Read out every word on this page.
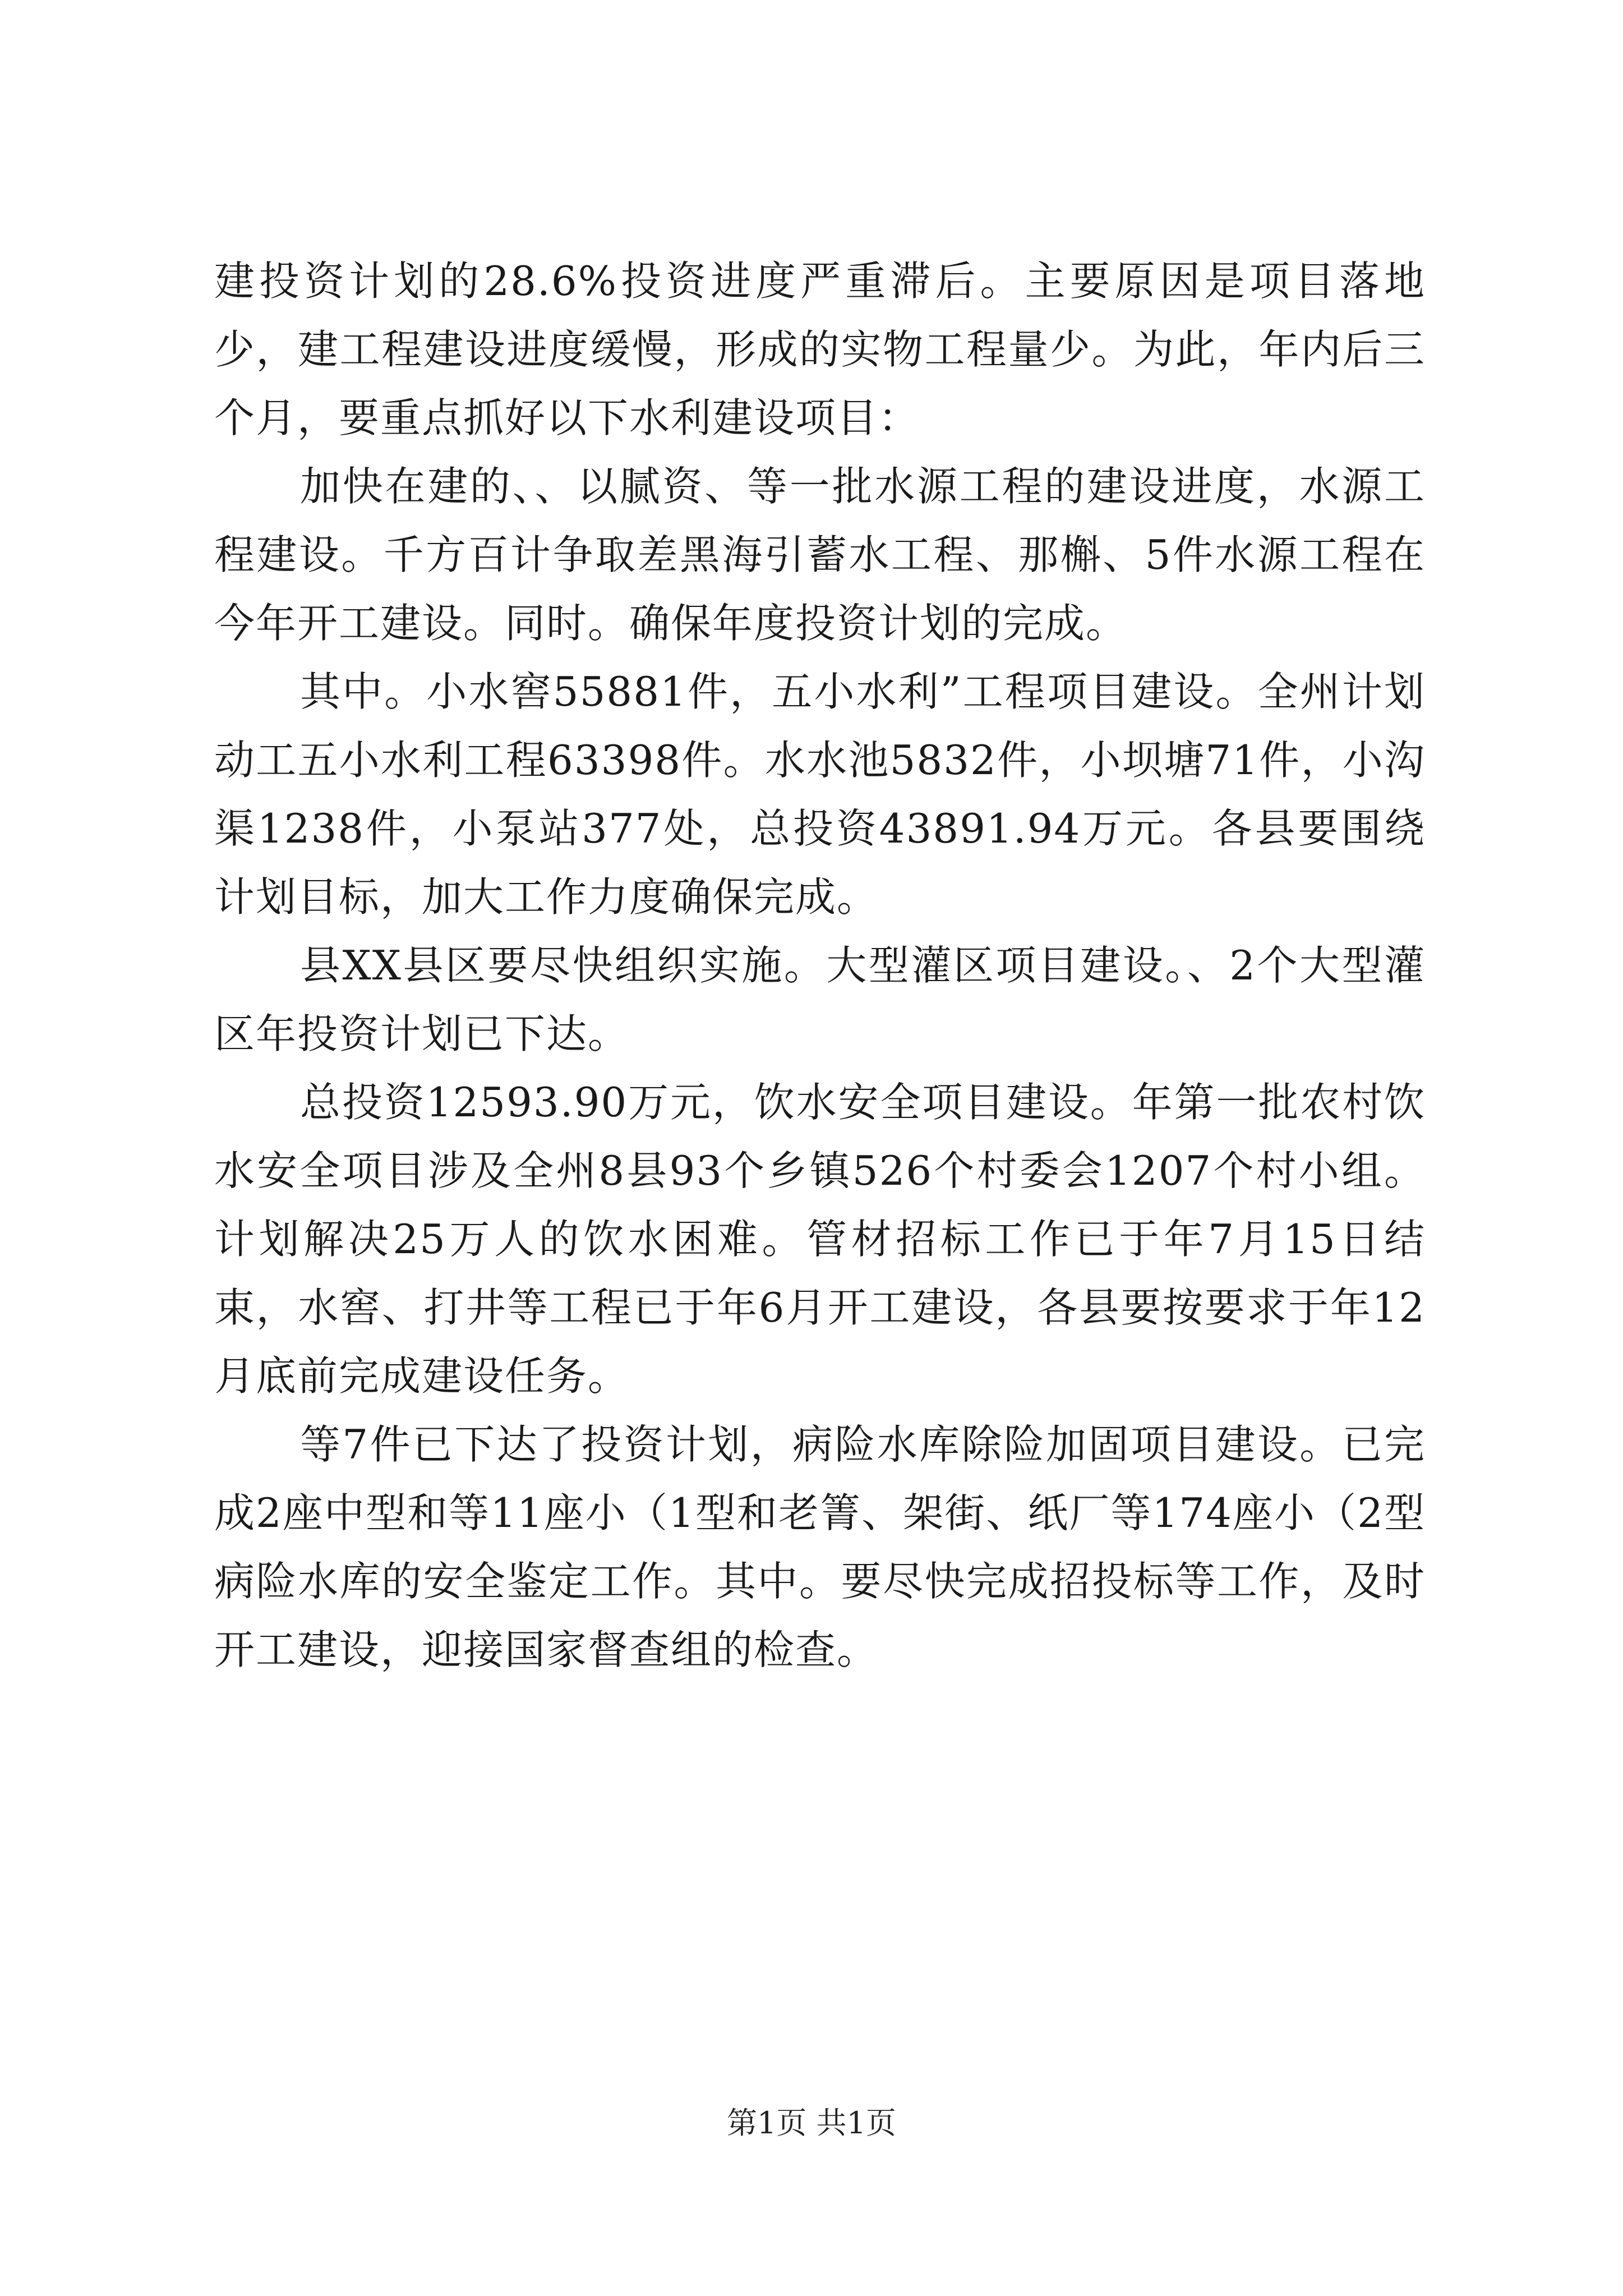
建投资计划的28.6%投资进度严重滞后。主要原因是项目落地少，建工程建设进度缓慢，形成的实物工程量少。为此，年内后三个月，要重点抓好以下水利建设项目：

加快在建的、、以腻资、等一批水源工程的建设进度，水源工程建设。千方百计争取差黑海引蓄水工程、那槲、5件水源工程在今年开工建设。同时。确保年度投资计划的完成。

其中。小水窖55881件，五小水利”工程项目建设。全州计划动工五小水利工程63398件。水水池5832件，小坝塘71件，小沟渠1238件，小泵站377处，总投资43891.94万元。各县要围绕计划目标，加大工作力度确保完成。

县XX县区要尽快组织实施。大型灌区项目建设。、2个大型灌区年投资计划已下达。

总投资12593.90万元，饮水安全项目建设。年第一批农村饮水安全项目涉及全州8县93个乡镇526个村委会1207个村小组。计划解决25万人的饮水困难。管材招标工作已于年7月15日结束，水窖、打井等工程已于年6月开工建设，各县要按要求于年12月底前完成建设任务。

等7件已下达了投资计划，病险水库除险加固项目建设。已完成2座中型和等11座小（1型和老箐、架街、纸厂等174座小（2型病险水库的安全鉴定工作。其中。要尽快完成招投标等工作，及时开工建设，迎接国家督查组的检查。

第1页 共1页
